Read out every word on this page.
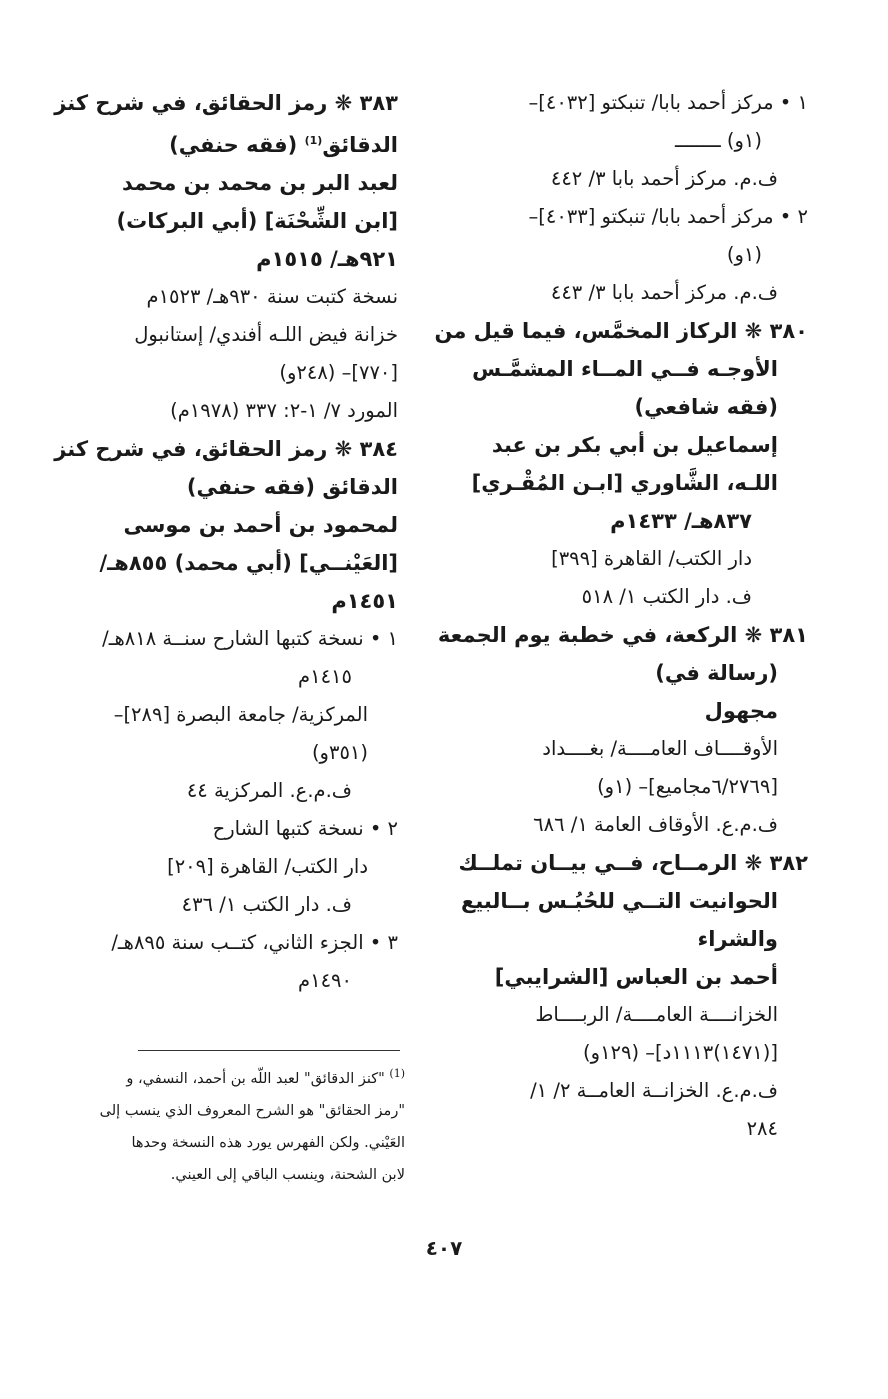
١ • مركز أحمد بابا/ تنبكتو [٤٠٣٢]–
(١و) ــــــــ
ف.م. مركز أحمد بابا ٣/ ٤٤٢
٢ • مركز أحمد بابا/ تنبكتو [٤٠٣٣]–
(١و)
ف.م. مركز أحمد بابا ٣/ ٤٤٣
٣٨٠ ❋ الركاز المخمَّس، فيما قيل من
الأوجـه فــي المــاء المشمَّـس
(فقه شافعي)
إسماعيل بن أبي بكر بن عبد
اللـه، الشَّاوري [ابـن المُقْـري]
٨٣٧هـ/ ١٤٣٣م
دار الكتب/ القاهرة [٣٩٩]
ف. دار الكتب ١/ ٥١٨
٣٨١ ❋ الركعة، في خطبة يوم الجمعة
(رسالة في)
مجهول
الأوقــــاف العامــــة/ بغــــداد
[٦/٢٧٦٩مجاميع]– (١و)
ف.م.ع. الأوقاف العامة ١/ ٦٨٦
٣٨٢ ❋ الرمــاح، فــي بيــان تملــك
الحوانيت التــي للحُبُـس بــالبيع
والشراء
أحمد بن العباس [الشرايبي]
الخزانــــة العامــــة/ الربــــاط
[(١٤٧١)١١١٣د]– (١٢٩و)
ف.م.ع. الخزانــة العامــة ٢/ ١/
٢٨٤
٣٨٣ ❋ رمز الحقائق، في شرح كنز
الدقائق$^{(1)}$ (فقه حنفي)
لعبد البر بن محمد بن محمد
[ابن الشِّحْنَة] (أبي البركات)
٩٢١هـ/ ١٥١٥م
نسخة كتبت سنة ٩٣٠هـ/ ١٥٢٣م
خزانة فيض اللـه أفندي/ إستانبول
[٧٧٠]– (٢٤٨و)
المورد ٧/ ١-٢: ٣٣٧ (١٩٧٨م)
٣٨٤ ❋ رمز الحقائق، في شرح كنز
الدقائق (فقه حنفي)
لمحمود بن أحمد بن موسى
[العَيْنــي] (أبي محمد) ٨٥٥هـ/
١٤٥١م
١ • نسخة كتبها الشارح سنــة ٨١٨هـ/
١٤١٥م
المركزية/ جامعة البصرة [٢٨٩]–
(٣٥١و)
ف.م.ع. المركزية ٤٤
٢ • نسخة كتبها الشارح
دار الكتب/ القاهرة [٢٠٩]
ف. دار الكتب ١/ ٤٣٦
٣ • الجزء الثاني، كتــب سنة ٨٩٥هـ/
١٤٩٠م
$^{(1)}$ "كنز الدقائق" لعبد اللّه بن أحمد، النسفي، و
"رمز الحقائق" هو الشرح المعروف الذي ينسب إلى
العَيْني. ولكن الفهرس يورد هذه النسخة وحدها
لابن الشحنة، وينسب الباقي إلى العيني.
٤٠٧
